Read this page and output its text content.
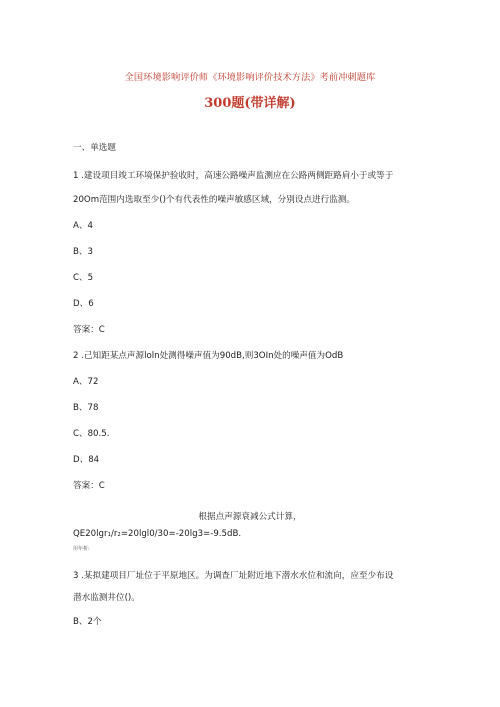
全国环境影响评价师《环境影响评价技术方法》考前冲刺题库
300题(带详解)
一、单选题
1 .建设项目竣工环境保护验收时，高速公路噪声监测应在公路两侧距路肩小于或等于
20Om范围内选取至少()个有代表性的噪声敏感区域，分别设点进行监测。
A、4
B、3
C、5
D、6
答案：C
2 .己知距某点声源loln处测得噪声值为90dB,则3OIn处的噪声值为OdB
A、72
B、78
C、80.5.
D、84
答案：C
根据点声源衰减公式计算，
QE20lgr₁/r₂=20lgl0/30=-20lg3=-9.5dB.
用年析:
3 .某拟建项目厂址位于平原地区。为调查厂址附近地下潜水水位和流向，应至少布设
潜水监测井位()。
B、2个
